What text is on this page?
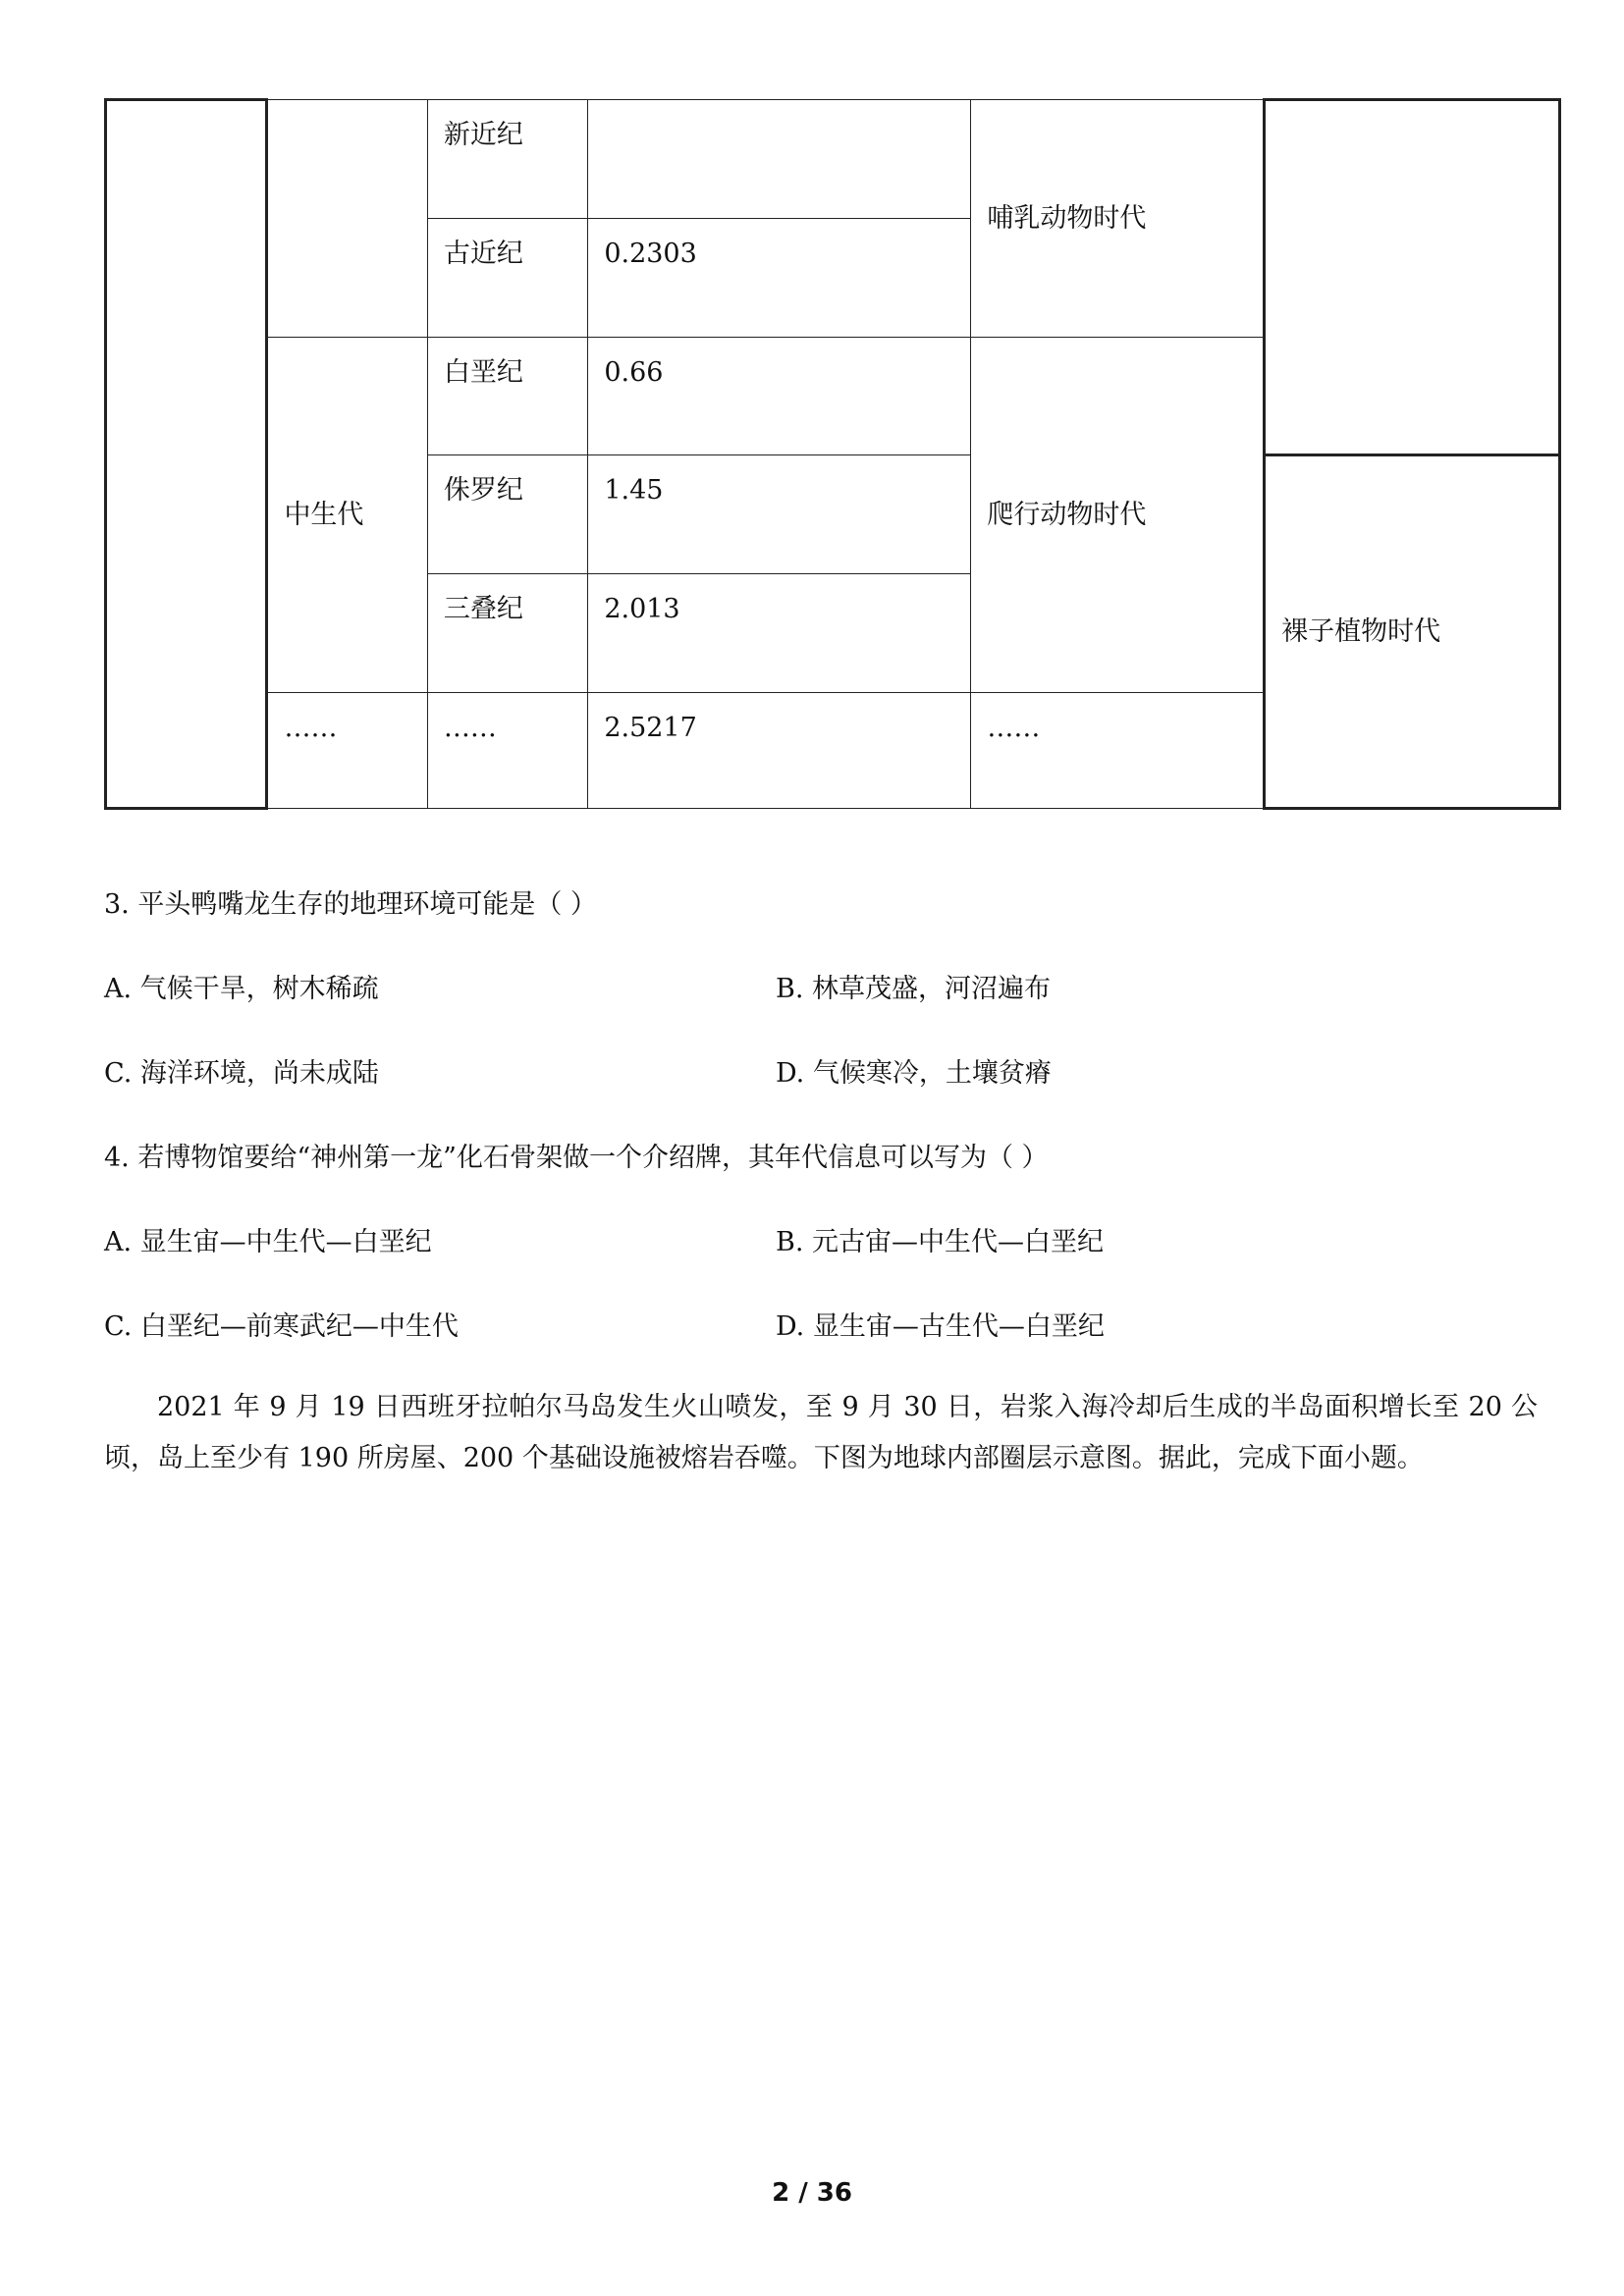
		新近纪		哺乳动物时代	
		古近纪	0.2303		
	中生代	白垩纪	0.66	爬行动物时代	
		侏罗纪	1.45		裸子植物时代
		三叠纪	2.013		
	……	……	2.5217	……	
3. 平头鸭嘴龙生存的地理环境可能是（ ）
A. 气候干旱，树木稀疏	B. 林草茂盛，河沼遍布
C. 海洋环境，尚未成陆	D. 气候寒冷，土壤贫瘠
4. 若博物馆要给“神州第一龙”化石骨架做一个介绍牌，其年代信息可以写为（ ）
A. 显生宙—中生代—白垩纪	B. 元古宙—中生代—白垩纪
C. 白垩纪—前寒武纪—中生代	D. 显生宙—古生代—白垩纪
2021 年 9 月 19 日西班牙拉帕尔马岛发生火山喷发，至 9 月 30 日，岩浆入海冷却后生成的半岛面积增长至 20 公顷，岛上至少有 190 所房屋、200 个基础设施被熔岩吞噬。下图为地球内部圈层示意图。据此，完成下面小题。
2 / 36
